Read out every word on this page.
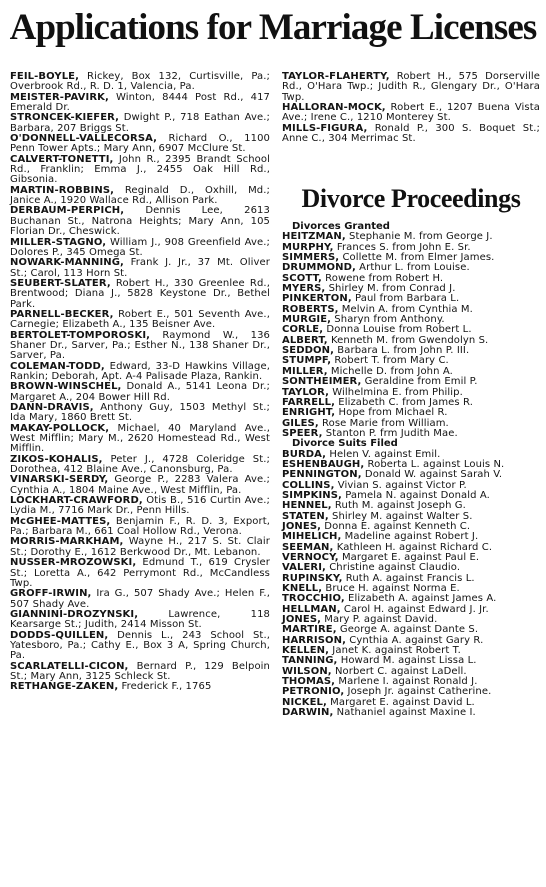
Applications for Marriage Licenses

FEIL-BOYLE, Rickey, Box 132, Curtisville, Pa.; Overbrook Rd., R. D. 1, Valencia, Pa.

MEISTER-PAVIRK, Winton, 8444 Post Rd., 417 Emerald Dr.

STRONCEK-KIEFER, Dwight P., 718 Eathan Ave.; Barbara, 207 Briggs St.

O'DONNELL-VALLECORSA, Richard O., 1100 Penn Tower Apts.; Mary Ann, 6907 McClure St.

CALVERT-TONETTI, John R., 2395 Brandt School Rd., Franklin; Emma J., 2455 Oak Hill Rd., Gibsonia.

MARTIN-ROBBINS, Reginald D., Oxhill, Md.; Janice A., 1920 Wallace Rd., Allison Park.

DERBAUM-PERPICH, Dennis Lee, 2613 Buchanan St., Natrona Heights; Mary Ann, 105 Florian Dr., Cheswick.

MILLER-STAGNO, William J., 908 Greenfield Ave.; Dolores P., 345 Omega St.

NOWARK-MANNING, Frank J. Jr., 37 Mt. Oliver St.; Carol, 113 Horn St.

SEUBERT-SLATER, Robert H., 330 Greenlee Rd., Brentwood; Diana J., 5828 Keystone Dr., Bethel Park.

PARNELL-BECKER, Robert E., 501 Seventh Ave., Carnegie; Elizabeth A., 135 Beisner Ave.

BERTOLET-TOMPOROSKI, Raymond W., 136 Shaner Dr., Sarver, Pa.; Esther N., 138 Shaner Dr., Sarver, Pa.

COLEMAN-TODD, Edward, 33-D Hawkins Village, Rankin; Deborah, Apt. A-4 Palisade Plaza, Rankin.

BROWN-WINSCHEL, Donald A., 5141 Leona Dr.; Margaret A., 204 Bower Hill Rd.

DANN-DRAVIS, Anthony Guy, 1503 Methyl St.; Ida Mary, 1860 Brett St.

MAKAY-POLLOCK, Michael, 40 Maryland Ave., West Mifflin; Mary M., 2620 Homestead Rd., West Mifflin.

ZIKOS-KOHALIS, Peter J., 4728 Coleridge St.; Dorothea, 412 Blaine Ave., Canonsburg, Pa.

VINARSKI-SERDY, George P., 2283 Valera Ave.; Cynthia A., 1804 Maine Ave., West Mifflin, Pa.

LOCKHART-CRAWFORD, Otis B., 516 Curtin Ave.; Lydia M., 7716 Mark Dr., Penn Hills.

McGHEE-MATTES, Benjamin F., R. D. 3, Export, Pa.; Barbara M., 661 Coal Hollow Rd., Verona.

MORRIS-MARKHAM, Wayne H., 217 S. St. Clair St.; Dorothy E., 1612 Berkwood Dr., Mt. Lebanon.

NUSSER-MROZOWSKI, Edmund T., 619 Crysler St.; Loretta A., 642 Perrymont Rd., McCandless Twp.

GROFF-IRWIN, Ira G., 507 Shady Ave.; Helen F., 507 Shady Ave.

GIANNINI-DROZYNSKI, Lawrence, 118 Kearsarge St.; Judith, 2414 Misson St.

DODDS-QUILLEN, Dennis L., 243 School St., Yatesboro, Pa.; Cathy E., Box 3 A, Spring Church, Pa.

SCARLATELLI-CICON, Bernard P., 129 Belpoin St.; Mary Ann, 3125 Schleck St.

RETHANGE-ZAKEN, Frederick F., 1765

TAYLOR-FLAHERTY, Robert H., 575 Dorserville Rd., O'Hara Twp.; Judith R., Glengary Dr., O'Hara Twp.

HALLORAN-MOCK, Robert E., 1207 Buena Vista Ave.; Irene C., 1210 Monterey St.

MILLS-FIGURA, Ronald P., 300 S. Boquet St.; Anne C., 304 Merrimac St.

Divorce Proceedings

Divorces Granted

HEITZMAN, Stephanie M. from George J.

MURPHY, Frances S. from John E. Sr.

SIMMERS, Collette M. from Elmer James.

DRUMMOND, Arthur L. from Louise.

SCOTT, Rowene from Robert H.

MYERS, Shirley M. from Conrad J.

PINKERTON, Paul from Barbara L.

ROBERTS, Melvin A. from Cynthia M.

MURGIE, Sharyn from Anthony.

CORLE, Donna Louise from Robert L.

ALBERT, Kenneth M. from Gwendolyn S.

SEDDON, Barbara L. from John P. III.

STUMPF, Robert T. from Mary C.

MILLER, Michelle D. from John A.

SONTHEIMER, Geraldine from Emil P.

TAYLOR, Wilhelmina E. from Philip.

FARRELL, Elizabeth C. from James R.

ENRIGHT, Hope from Michael R.

GILES, Rose Marie from William.

SPEER, Stanton P. frm Judith Mae.

Divorce Suits Filed

BURDA, Helen V. against Emil.

ESHENBAUGH, Roberta L. against Louis N.

PENNINGTON, Donald W. against Sarah V.

COLLINS, Vivian S. against Victor P.

SIMPKINS, Pamela N. against Donald A.

HENNEL, Ruth M. against Joseph G.

STATEN, Shirley M. against Walter S.

JONES, Donna E. against Kenneth C.

MIHELICH, Madeline against Robert J.

SEEMAN, Kathleen H. against Richard C.

VERNOCY, Margaret E. against Paul E.

VALERI, Christine against Claudio.

RUPINSKY, Ruth A. against Francis L.

KNELL, Bruce H. against Norma E.

TROCCHIO, Elizabeth A. against James A.

HELLMAN, Carol H. against Edward J. Jr.

JONES, Mary P. against David.

MARTIRE, George A. against Dante S.

HARRISON, Cynthia A. against Gary R.

KELLEN, Janet K. against Robert T.

TANNING, Howard M. against Lissa L.

WILSON, Norbert C. against LaDell.

THOMAS, Marlene I. against Ronald J.

PETRONIO, Joseph Jr. against Catherine.

NICKEL, Margaret E. against David L.

DARWIN, Nathaniel against Maxine I.
